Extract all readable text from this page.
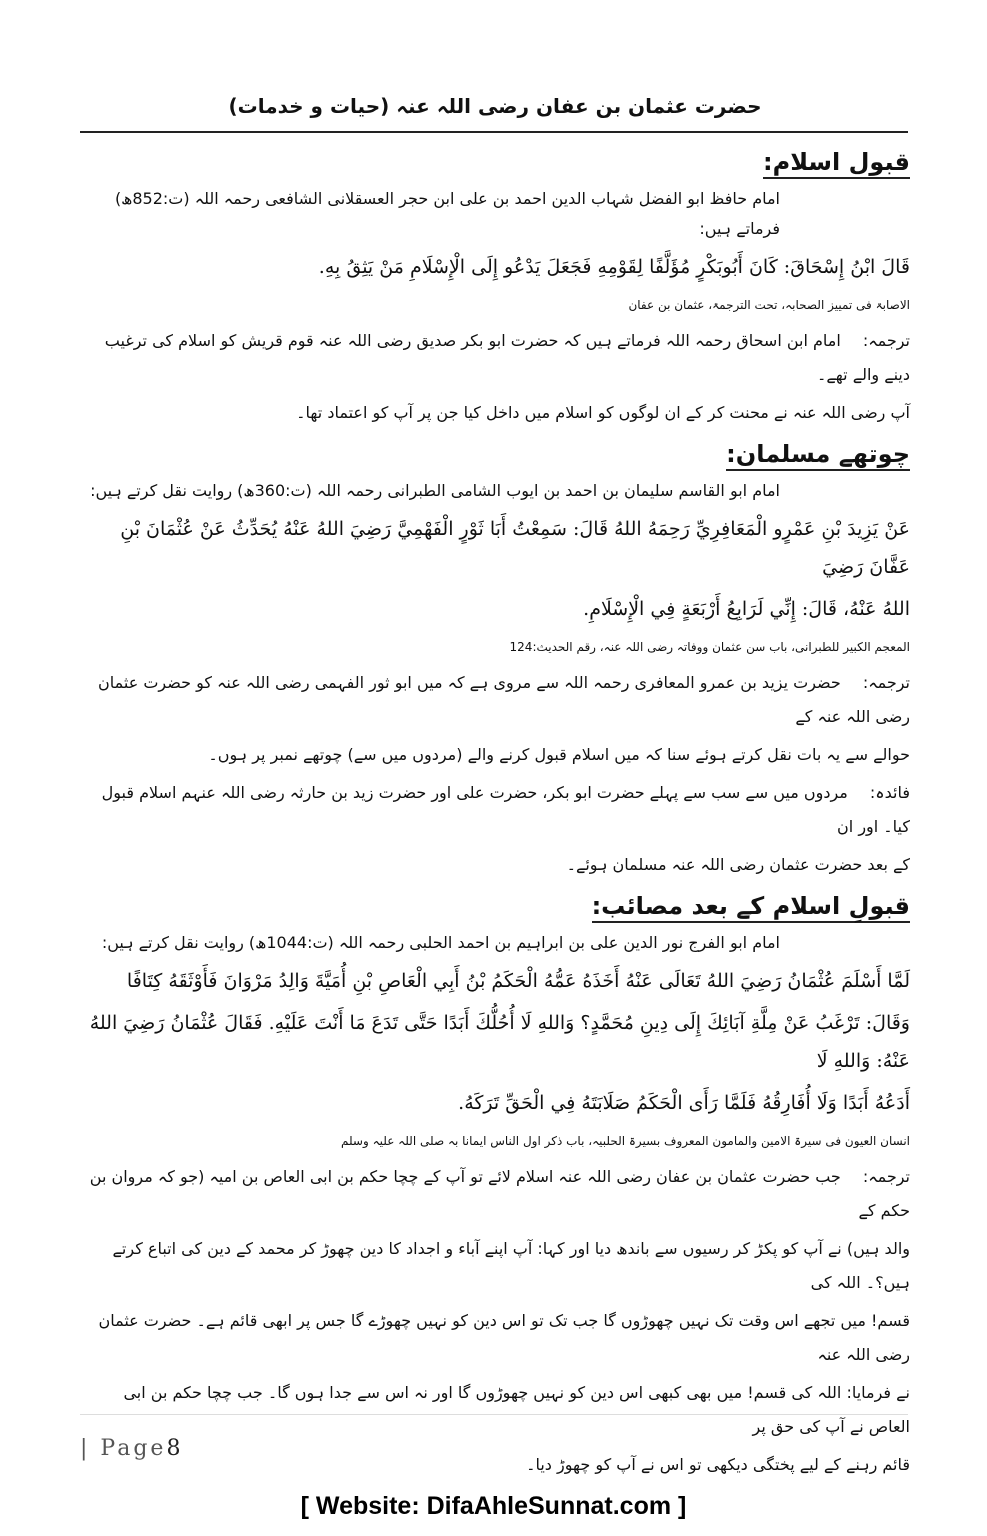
حضرت عثمان بن عفان رضی اللہ عنہ (حیات و خدمات)
قبول اسلام:
امام حافظ ابو الفضل شہاب الدین احمد بن علی ابن حجر العسقلانی الشافعی رحمہ اللہ (ت:852ھ) فرماتے ہیں:
قَالَ ابْنُ إِسْحَاقَ: كَانَ أَبُوبَكْرٍ مُؤَلَّفًا لِقَوْمِهِ فَجَعَلَ يَدْعُو إِلَى الْإِسْلَامِ مَنْ يَثِقُ بِهِ.
الاصابۃ فی تمییز الصحابہ، تحت الترجمۃ، عثمان بن عفان
ترجمہ:امام ابن اسحاق رحمہ اللہ فرماتے ہیں کہ حضرت ابو بکر صدیق رضی اللہ عنہ قوم قریش کو اسلام کی ترغیب دینے والے تھے۔
آپ رضی اللہ عنہ نے محنت کر کے ان لوگوں کو اسلام میں داخل کیا جن پر آپ کو اعتماد تھا۔
چوتھے مسلمان:
امام ابو القاسم سلیمان بن احمد بن ایوب الشامی الطبرانی رحمہ اللہ (ت:360ھ) روایت نقل کرتے ہیں:
عَنْ يَزِيدَ بْنِ عَمْرٍو الْمَعَافِرِيِّ رَحِمَهُ اللهُ قَالَ: سَمِعْتُ أَبَا ثَوْرٍ الْفَهْمِيَّ رَضِيَ اللهُ عَنْهُ يُحَدِّثُ عَنْ عُثْمَانَ بْنِ عَفَّانَ رَضِيَ
اللهُ عَنْهُ، قَالَ: إِنِّي لَرَابِعُ أَرْبَعَةٍ فِي الْإِسْلَامِ.
المعجم الکبیر للطبرانی، باب سن عثمان ووفاتہ رضی اللہ عنہ، رقم الحدیث:124
ترجمہ:حضرت یزید بن عمرو المعافری رحمہ اللہ سے مروی ہے کہ میں ابو ثور الفہمی رضی اللہ عنہ کو حضرت عثمان رضی اللہ عنہ کے
حوالے سے یہ بات نقل کرتے ہوئے سنا کہ میں اسلام قبول کرنے والے (مردوں میں سے) چوتھے نمبر پر ہوں۔
فائدہ:مردوں میں سے سب سے پہلے حضرت ابو بکر، حضرت علی اور حضرت زید بن حارثہ رضی اللہ عنہم اسلام قبول کیا۔ اور ان
کے بعد حضرت عثمان رضی اللہ عنہ مسلمان ہوئے۔
قبولِ اسلام کے بعد مصائب:
امام ابو الفرج نور الدین علی بن ابراہیم بن احمد الحلبی رحمہ اللہ (ت:1044ھ) روایت نقل کرتے ہیں:
لَمَّا أَسْلَمَ عُثْمَانُ رَضِيَ اللهُ تَعَالَى عَنْهُ أَخَذَهُ عَمُّهُ الْحَكَمُ بْنُ أَبِي الْعَاصِ بْنِ أُمَيَّةَ وَالِدُ مَرْوَانَ فَأَوْثَقَهُ كِتَافًا
وَقَالَ: تَرْغَبُ عَنْ مِلَّةِ آبَائِكَ إِلَى دِينِ مُحَمَّدٍ؟ وَاللهِ لَا أُحُلُّكَ أَبَدًا حَتَّى تَدَعَ مَا أَنْتَ عَلَيْهِ. فَقَالَ عُثْمَانُ رَضِيَ اللهُ عَنْهُ: وَاللهِ لَا
أَدَعُهُ أَبَدًا وَلَا أُفَارِقُهُ فَلَمَّا رَأَى الْحَكَمُ صَلَابَتَهُ فِي الْحَقِّ تَرَكَهُ.
انسان العیون فی سیرۃ الامین والمامون المعروف بسیرۃ الحلبیہ، باب ذکر اول الناس ایمانا بہ صلی اللہ علیہ وسلم
ترجمہ:جب حضرت عثمان بن عفان رضی اللہ عنہ اسلام لائے تو آپ کے چچا حکم بن ابی العاص بن امیہ (جو کہ مروان بن حکم کے
والد ہیں) نے آپ کو پکڑ کر رسیوں سے باندھ دیا اور کہا: آپ اپنے آباء و اجداد کا دین چھوڑ کر محمد کے دین کی اتباع کرتے ہیں؟۔ اللہ کی
قسم! میں تجھے اس وقت تک نہیں چھوڑوں گا جب تک تو اس دین کو نہیں چھوڑے گا جس پر ابھی قائم ہے۔ حضرت عثمان رضی اللہ عنہ
نے فرمایا: اللہ کی قسم! میں بھی کبھی اس دین کو نہیں چھوڑوں گا اور نہ اس سے جدا ہوں گا۔ جب چچا حکم بن ابی العاص نے آپ کی حق پر
قائم رہنے کے لیے پختگی دیکھی تو اس نے آپ کو چھوڑ دیا۔
| Page8
[ Website: DifaAhleSunnat.com ]
